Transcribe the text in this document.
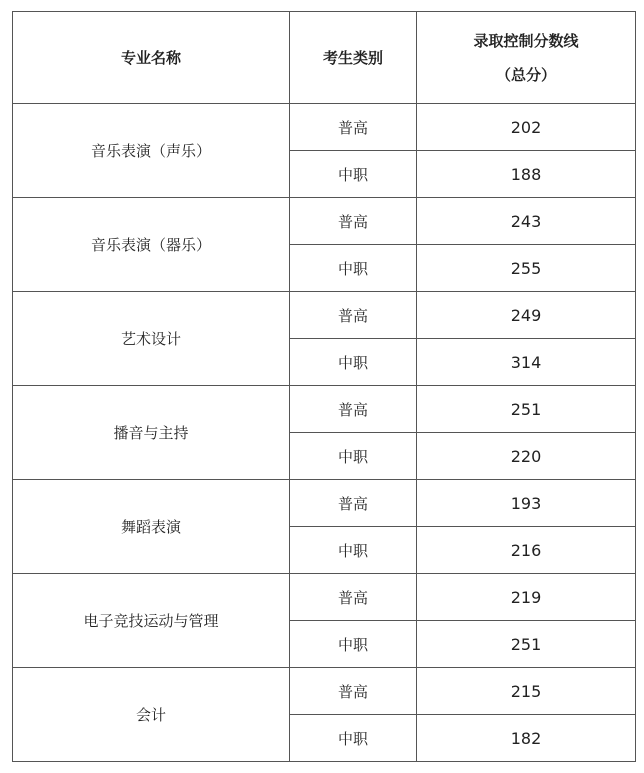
专业名称	考生类别	录取控制分数线
（总分）

音乐表演（声乐）	普高	202
	中职	188
音乐表演（器乐）	普高	243
	中职	255
艺术设计	普高	249
	中职	314
播音与主持	普高	251
	中职	220
舞蹈表演	普高	193
	中职	216
电子竞技运动与管理	普高	219
	中职	251
会计	普高	215
	中职	182
